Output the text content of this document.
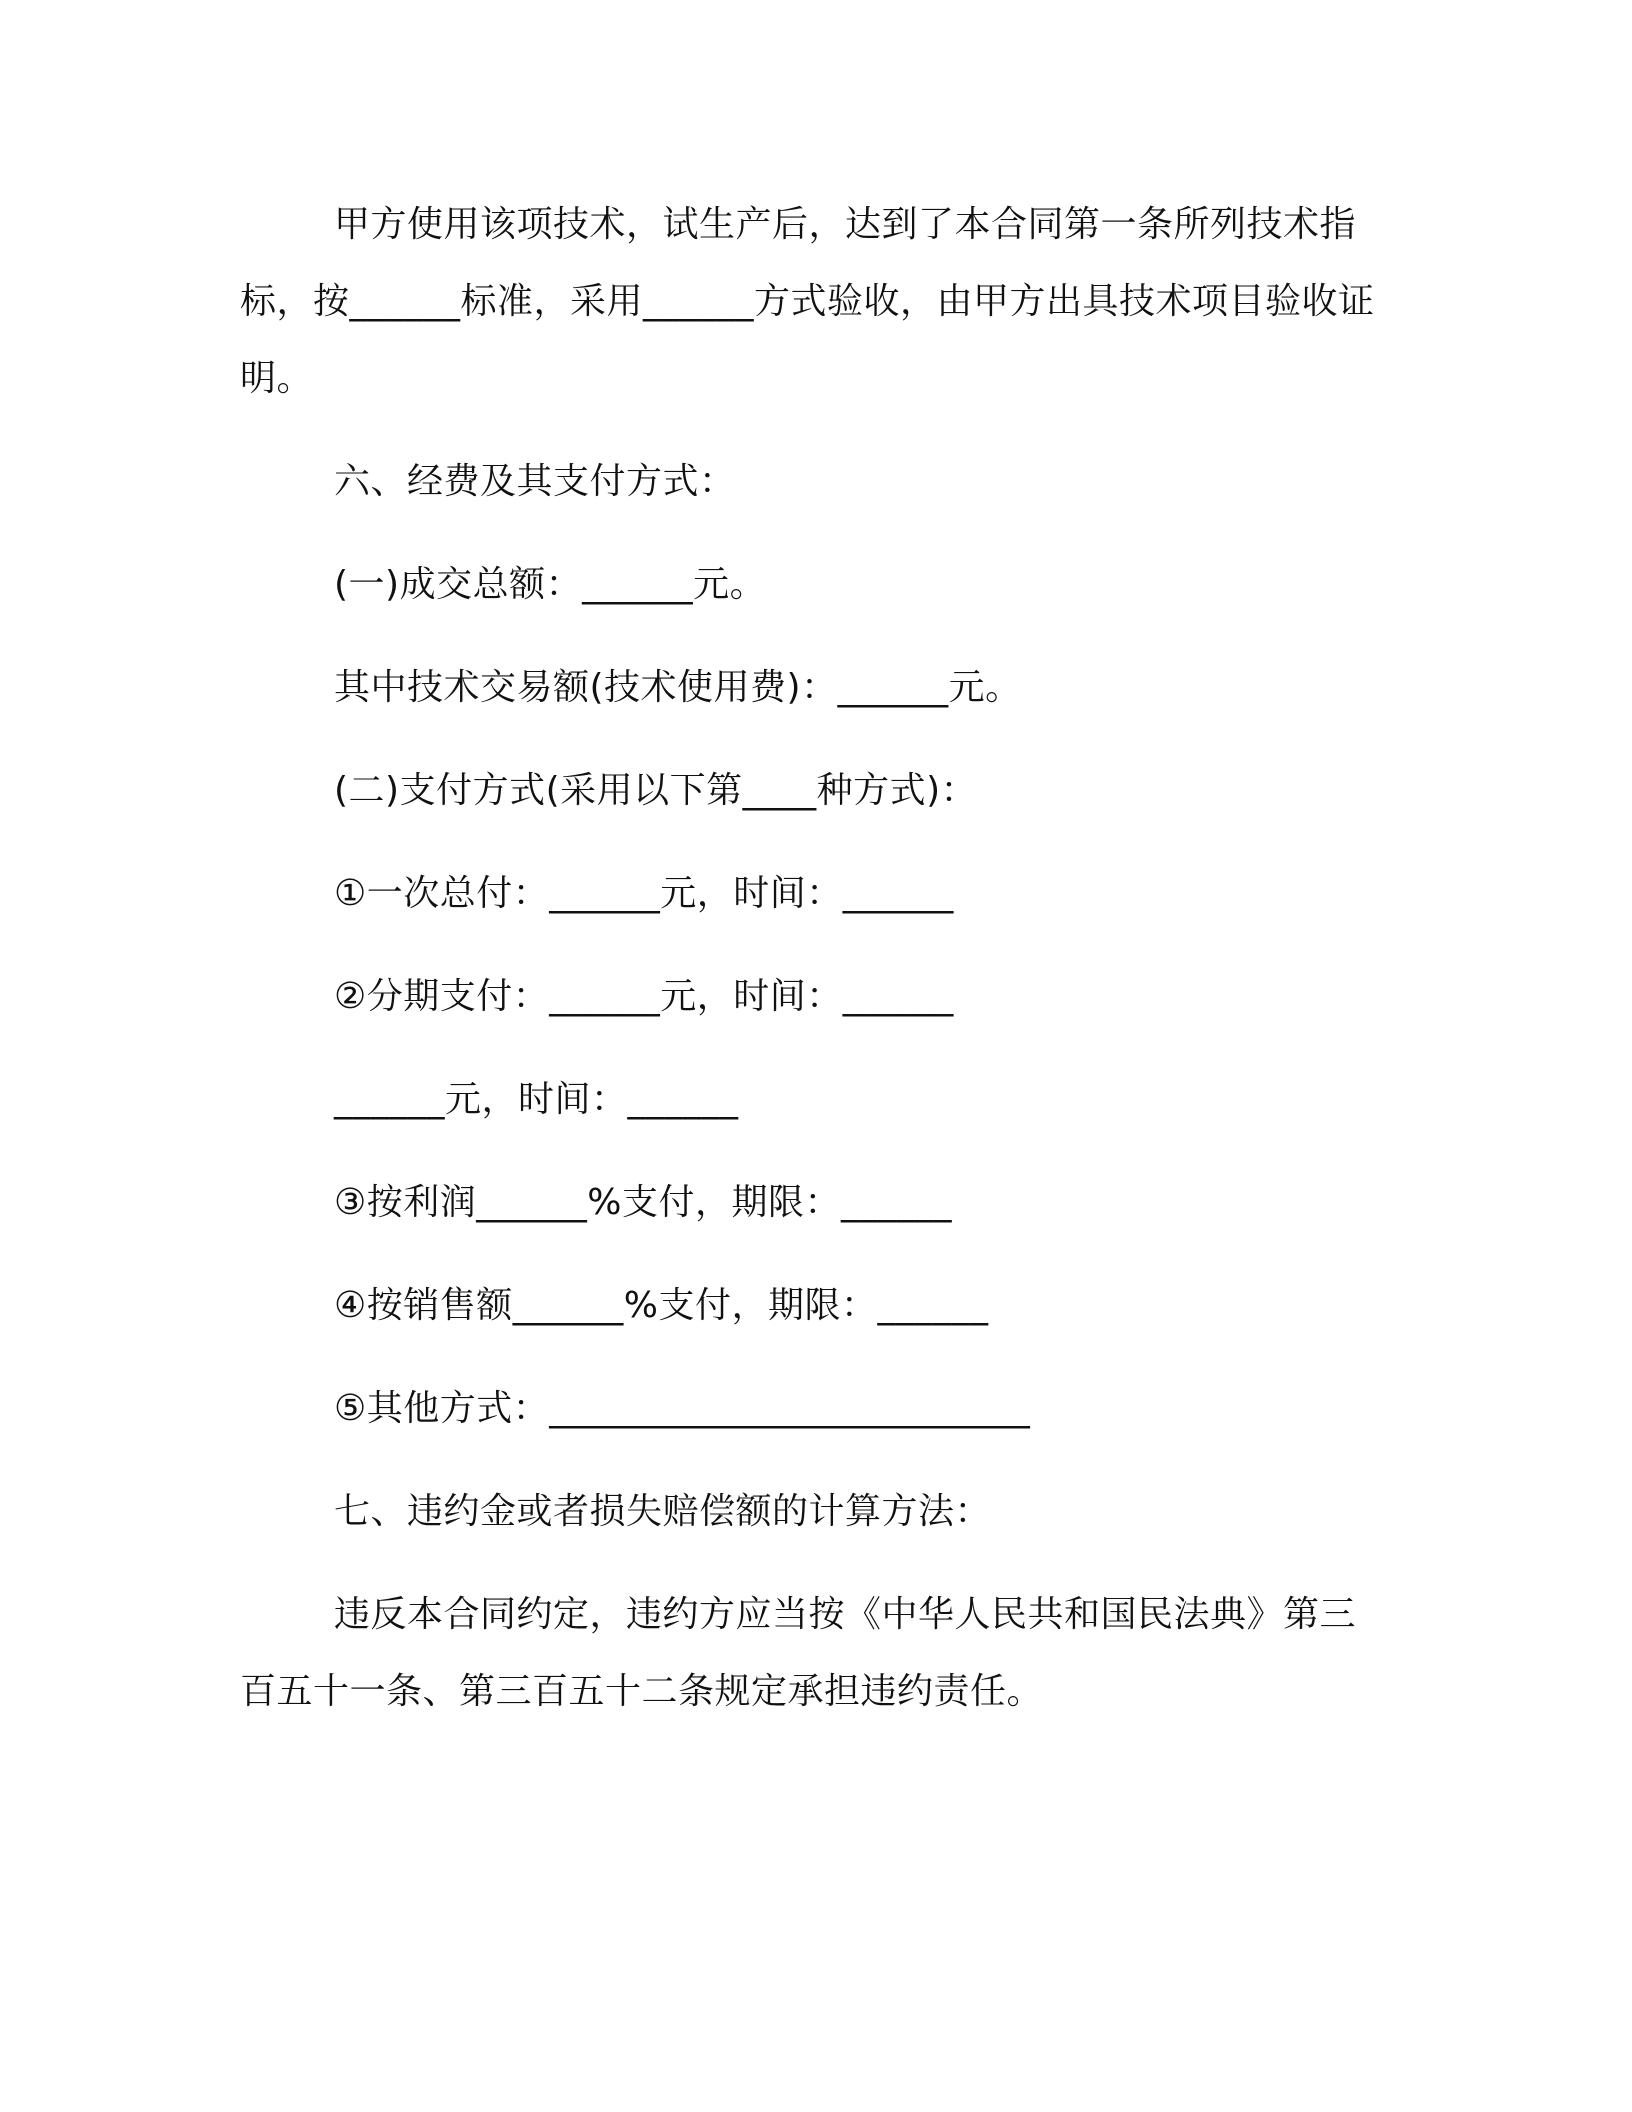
甲方使用该项技术，试生产后，达到了本合同第一条所列技术指标，按______标准，采用______方式验收，由甲方出具技术项目验收证明。

六、经费及其支付方式：

(一)成交总额：______元。

其中技术交易额(技术使用费)：______元。

(二)支付方式(采用以下第____种方式)：

①一次总付：______元，时间：______

②分期支付：______元，时间：______

______元，时间：______

③按利润______%支付，期限：______

④按销售额______%支付，期限：______

⑤其他方式：__________________________

七、违约金或者损失赔偿额的计算方法：

违反本合同约定，违约方应当按《中华人民共和国民法典》第三百五十一条、第三百五十二条规定承担违约责任。
